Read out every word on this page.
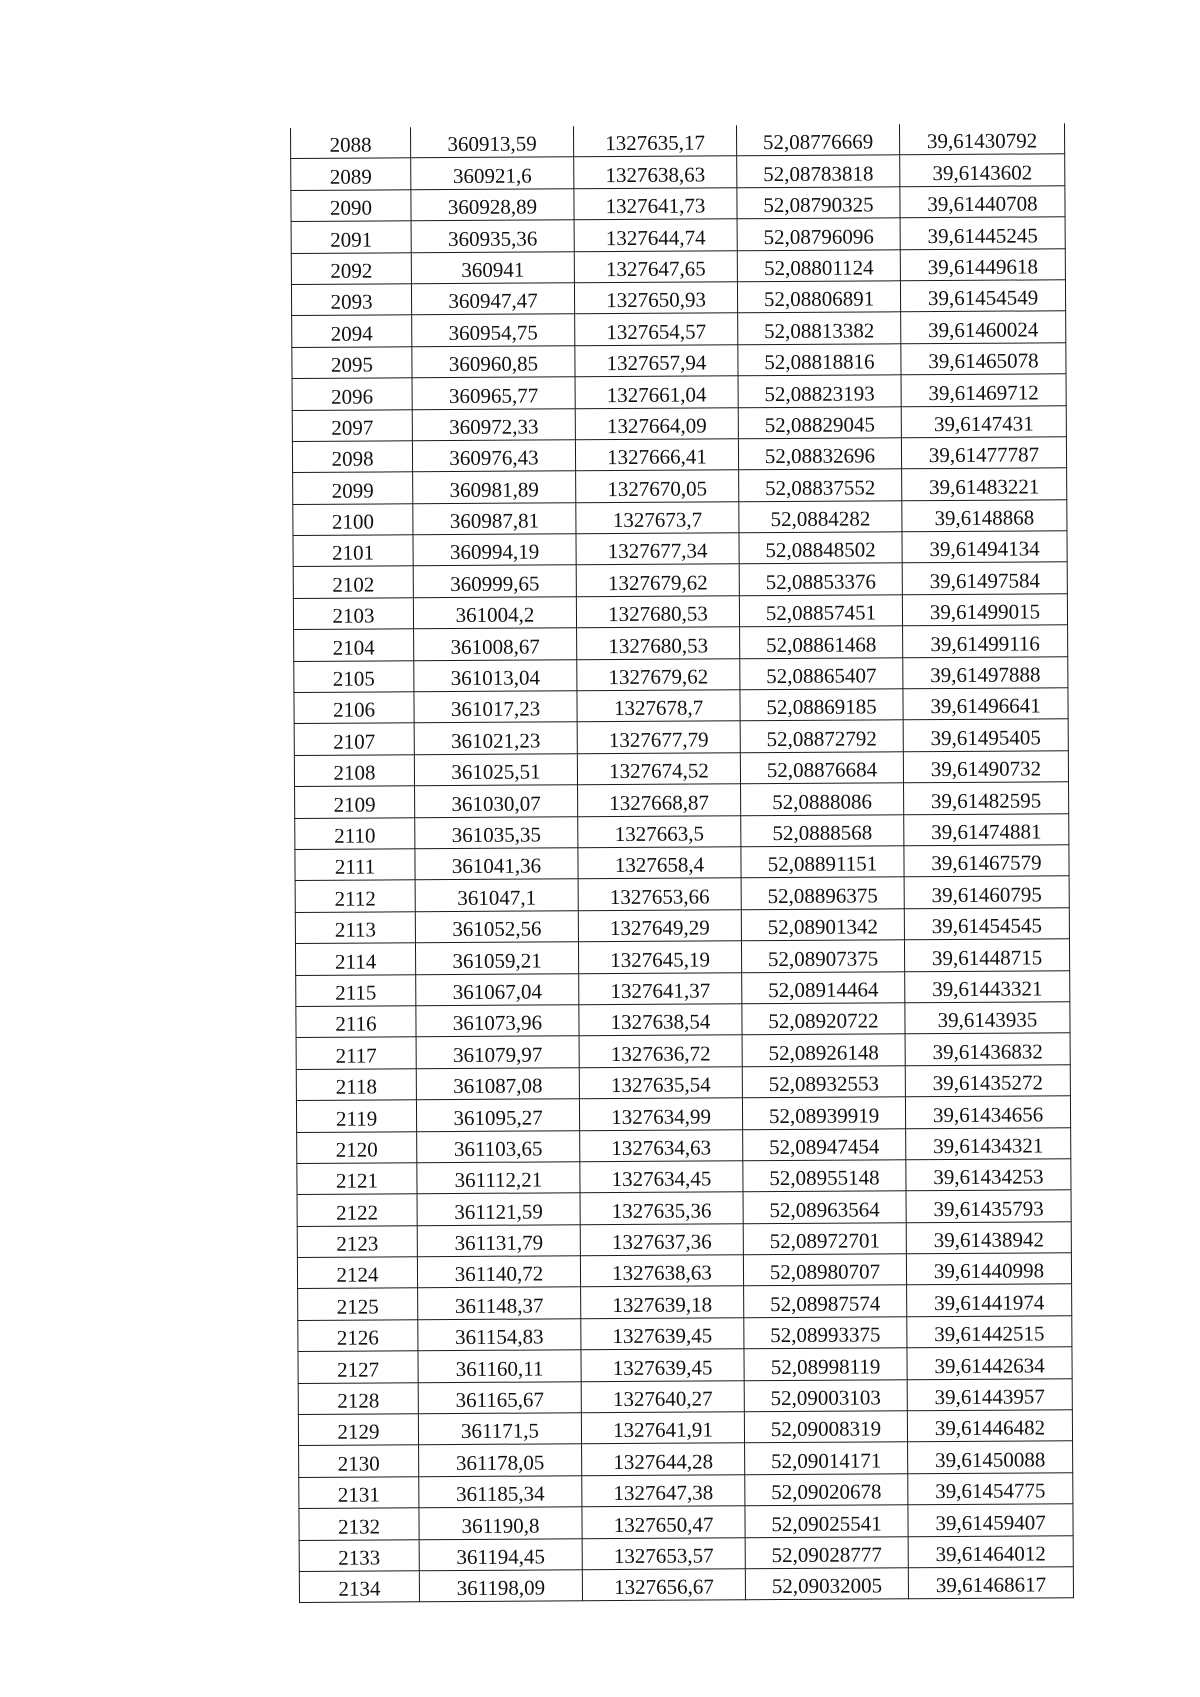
2088	360913,59	1327635,17	52,08776669	39,61430792
2089	360921,6	1327638,63	52,08783818	39,6143602
2090	360928,89	1327641,73	52,08790325	39,61440708
2091	360935,36	1327644,74	52,08796096	39,61445245
2092	360941	1327647,65	52,08801124	39,61449618
2093	360947,47	1327650,93	52,08806891	39,61454549
2094	360954,75	1327654,57	52,08813382	39,61460024
2095	360960,85	1327657,94	52,08818816	39,61465078
2096	360965,77	1327661,04	52,08823193	39,61469712
2097	360972,33	1327664,09	52,08829045	39,6147431
2098	360976,43	1327666,41	52,08832696	39,61477787
2099	360981,89	1327670,05	52,08837552	39,61483221
2100	360987,81	1327673,7	52,0884282	39,6148868
2101	360994,19	1327677,34	52,08848502	39,61494134
2102	360999,65	1327679,62	52,08853376	39,61497584
2103	361004,2	1327680,53	52,08857451	39,61499015
2104	361008,67	1327680,53	52,08861468	39,61499116
2105	361013,04	1327679,62	52,08865407	39,61497888
2106	361017,23	1327678,7	52,08869185	39,61496641
2107	361021,23	1327677,79	52,08872792	39,61495405
2108	361025,51	1327674,52	52,08876684	39,61490732
2109	361030,07	1327668,87	52,0888086	39,61482595
2110	361035,35	1327663,5	52,0888568	39,61474881
2111	361041,36	1327658,4	52,08891151	39,61467579
2112	361047,1	1327653,66	52,08896375	39,61460795
2113	361052,56	1327649,29	52,08901342	39,61454545
2114	361059,21	1327645,19	52,08907375	39,61448715
2115	361067,04	1327641,37	52,08914464	39,61443321
2116	361073,96	1327638,54	52,08920722	39,6143935
2117	361079,97	1327636,72	52,08926148	39,61436832
2118	361087,08	1327635,54	52,08932553	39,61435272
2119	361095,27	1327634,99	52,08939919	39,61434656
2120	361103,65	1327634,63	52,08947454	39,61434321
2121	361112,21	1327634,45	52,08955148	39,61434253
2122	361121,59	1327635,36	52,08963564	39,61435793
2123	361131,79	1327637,36	52,08972701	39,61438942
2124	361140,72	1327638,63	52,08980707	39,61440998
2125	361148,37	1327639,18	52,08987574	39,61441974
2126	361154,83	1327639,45	52,08993375	39,61442515
2127	361160,11	1327639,45	52,08998119	39,61442634
2128	361165,67	1327640,27	52,09003103	39,61443957
2129	361171,5	1327641,91	52,09008319	39,61446482
2130	361178,05	1327644,28	52,09014171	39,61450088
2131	361185,34	1327647,38	52,09020678	39,61454775
2132	361190,8	1327650,47	52,09025541	39,61459407
2133	361194,45	1327653,57	52,09028777	39,61464012
2134	361198,09	1327656,67	52,09032005	39,61468617
